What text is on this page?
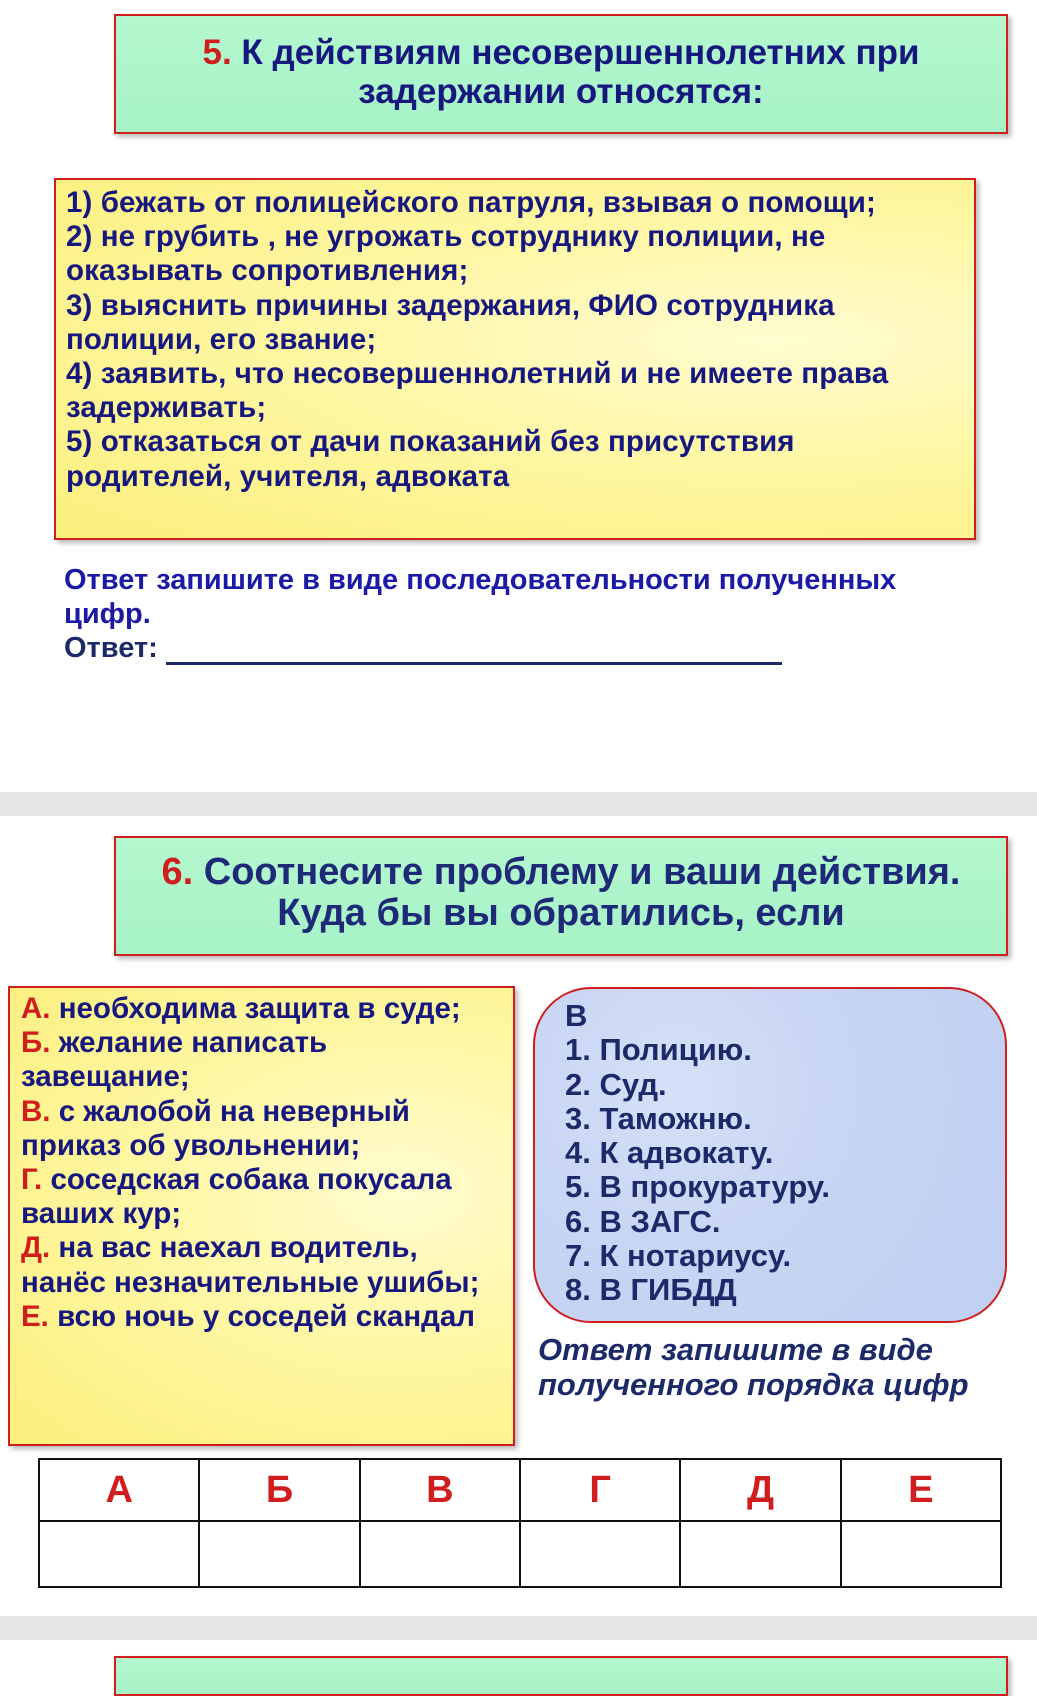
5. К действиям несовершеннолетних при задержании относятся:
1) бежать от полицейского патруля, взывая о помощи;
2) не грубить , не угрожать сотруднику полиции, не оказывать сопротивления;
3) выяснить причины задержания, ФИО сотрудника полиции, его звание;
4) заявить, что несовершеннолетний и не имеете права задерживать;
5) отказаться от дачи показаний без присутствия родителей, учителя, адвоката
Ответ запишите в виде последовательности полученных цифр.
Ответ:
6. Соотнесите проблему и ваши действия. Куда бы вы обратились, если
А. необходима защита в суде;
Б. желание написать завещание;
В. с жалобой на неверный приказ об увольнении;
Г. соседская собака покусала ваших кур;
Д. на вас наехал водитель, нанёс незначительные ушибы;
Е. всю ночь у соседей скандал
В
1. Полицию.
2. Суд.
3. Таможню.
4. К адвокату.
5. В прокуратуру.
6. В ЗАГС.
7. К нотариусу.
8. В ГИБДД
Ответ запишите в виде полученного порядка цифр
А	Б	В	Г	Д	Е
